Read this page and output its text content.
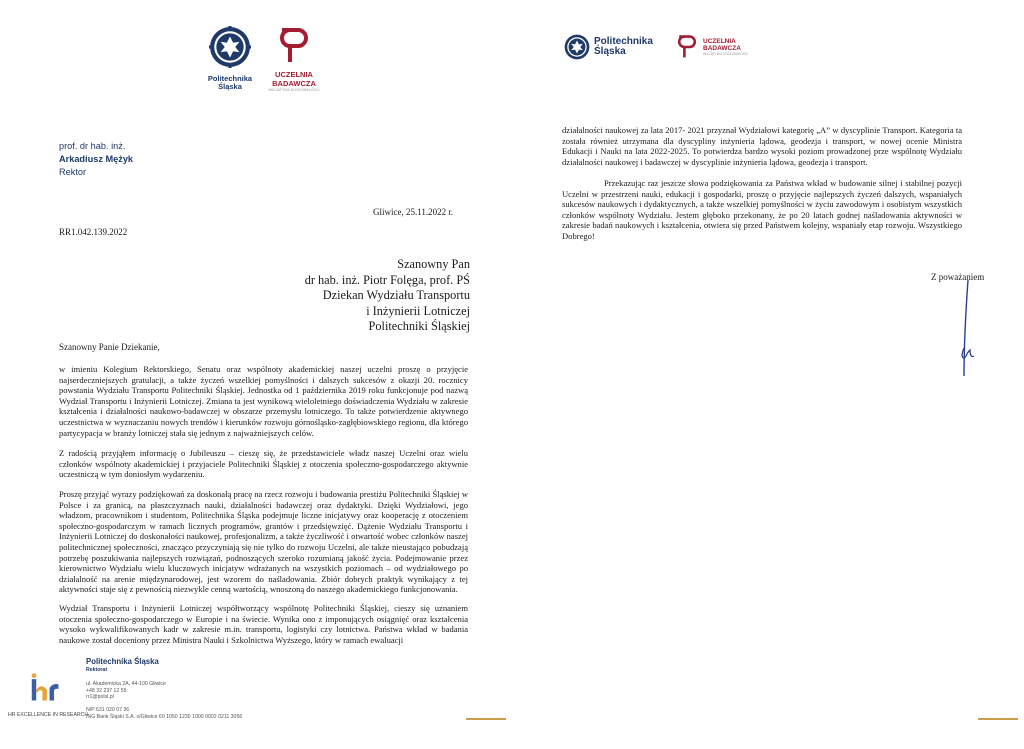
Politechnika
Śląska
UCZELNIA
BADAWCZA
INICJATYWA DOSKONAŁOŚCI
prof. dr hab. inż.
Arkadiusz Mężyk
Rektor
Gliwice, 25.11.2022 r.
RR1.042.139.2022
Szanowny Pan
dr hab. inż. Piotr Folęga, prof. PŚ
Dziekan Wydziału Transportu
i Inżynierii Lotniczej
Politechniki Śląskiej
Szanowny Panie Dziekanie,

w imieniu Kolegium Rektorskiego, Senatu oraz wspólnoty akademickiej naszej uczelni proszę o przyjęcie najserdeczniejszych gratulacji, a także życzeń wszelkiej pomyślności i dalszych sukcesów z okazji 20. rocznicy powstania Wydziału Transportu Politechniki Śląskiej. Jednostka od 1 października 2019 roku funkcjonuje pod nazwą Wydział Transportu i Inżynierii Lotniczej. Zmiana ta jest wynikową wieloletniego doświadczenia Wydziału w zakresie kształcenia i działalności naukowo-badawczej w obszarze przemysłu lotniczego. To także potwierdzenie aktywnego uczestnictwa w wyznaczaniu nowych trendów i kierunków rozwoju górnośląsko-zagłębiowskiego regionu, dla którego partycypacja w branży lotniczej stała się jednym z najważniejszych celów.

Z radością przyjąłem informację o Jubileuszu – cieszę się, że przedstawiciele władz naszej Uczelni oraz wielu członków wspólnoty akademickiej i przyjaciele Politechniki Śląskiej z otoczenia społeczno-gospodarczego aktywnie uczestniczą w tym doniosłym wydarzeniu.

Proszę przyjąć wyrazy podziękowań za doskonałą pracę na rzecz rozwoju i budowania prestiżu Politechniki Śląskiej w Polsce i za granicą, na płaszczyznach nauki, działalności badawczej oraz dydaktyki. Dzięki Wydziałowi, jego władzom, pracownikom i studentom, Politechnika Śląska podejmuje liczne inicjatywy oraz kooperację z otoczeniem społeczno-gospodarczym w ramach licznych programów, grantów i przedsięwzięć. Dążenie Wydziału Transportu i Inżynierii Lotniczej do doskonałości naukowej, profesjonalizm, a także życzliwość i otwartość wobec członków naszej politechnicznej społeczności, znacząco przyczyniają się nie tylko do rozwoju Uczelni, ale także nieustająco pobudzają potrzebę poszukiwania najlepszych rozwiązań, podnoszących szeroko rozumianą jakość życia. Podejmowanie przez kierownictwo Wydziału wielu kluczowych inicjatyw wdrażanych na wszystkich poziomach – od wydziałowego po działalność na arenie międzynarodowej, jest wzorem do naśladowania. Zbiór dobrych praktyk wynikający z tej aktywności staje się z pewnością niezwykle cenną wartością, wnoszoną do naszego akademickiego funkcjonowania.

Wydział Transportu i Inżynierii Lotniczej współtworzący wspólnotę Politechniki Śląskiej, cieszy się uznaniem otoczenia społeczno-gospodarczego w Europie i na świecie. Wynika ono z imponujących osiągnięć oraz kształcenia wysoko wykwalifikowanych kadr w zakresie m.in. transportu, logistyki czy lotnictwa. Państwa wkład w badania naukowe został doceniony przez Ministra Nauki i Szkolnictwa Wyższego, który w ramach ewaluacji

HR EXCELLENCE IN RESEARCH
Politechnika Śląska
Rektorat
ul. Akademicka 2A, 44-100 Gliwice
+48 32 237 12 55
rr1@polsl.pl
NIP 631 020 07 36
ING Bank Śląski S.A. o/Gliwice 60 1050 1230 1000 0002 0211 3056
Politechnika
Śląska
UCZELNIA
BADAWCZA
INICJATYWA DOSKONAŁOŚCI

działalności naukowej za lata 2017- 2021 przyznał Wydziałowi kategorię „A” w dyscyplinie Transport. Kategoria ta została również utrzymana dla dyscypliny inżynieria lądowa, geodezja i transport, w nowej ocenie Ministra Edukacji i Nauki na lata 2022-2025. To potwierdza bardzo wysoki poziom prowadzonej prze wspólnotę Wydziału działalności naukowej i badawczej w dyscyplinie inżynieria lądowa, geodezja i transport.

Przekazując raz jeszcze słowa podziękowania za Państwa wkład w budowanie silnej i stabilnej pozycji Uczelni w przestrzeni nauki, edukacji i gospodarki, proszę o przyjęcie najlepszych życzeń dalszych, wspaniałych sukcesów naukowych i dydaktycznych, a także wszelkiej pomyślności w życiu zawodowym i osobistym wszystkich członków wspólnoty Wydziału. Jestem głęboko przekonany, że po 20 latach godnej naśladowania aktywności w zakresie badań naukowych i kształcenia, otwiera się przed Państwem kolejny, wspaniały etap rozwoju. Wszystkiego Dobrego!

Z poważaniem
